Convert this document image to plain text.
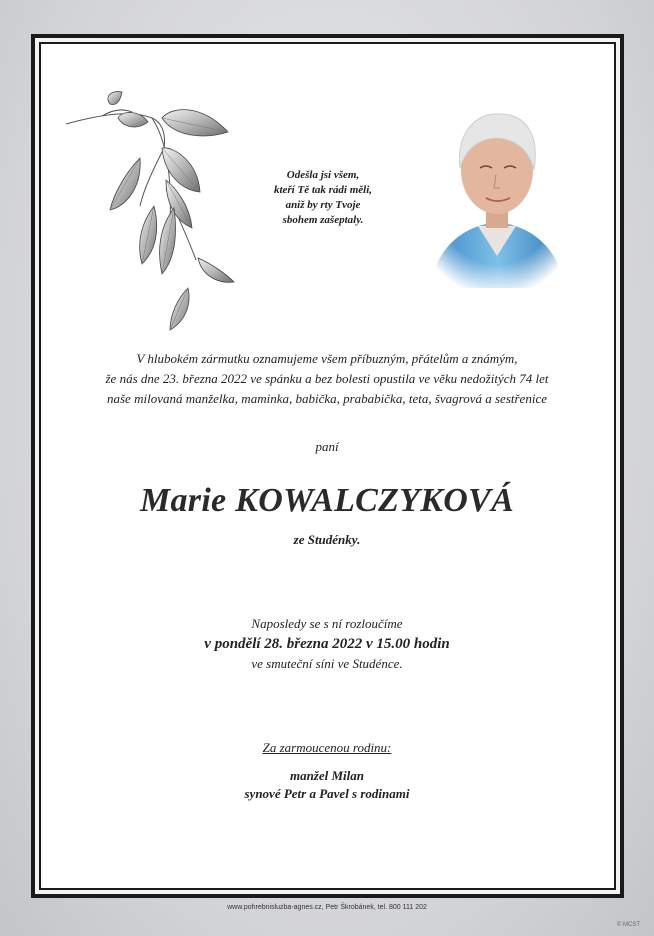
Odešla jsi všem,
kteří Tě tak rádi měli,
aniž by rty Tvoje
sbohem zašeptaly.
V hlubokém zármutku oznamujeme všem příbuzným, přátelům a známým,
že nás dne 23. března 2022 ve spánku a bez bolesti opustila ve věku nedožitých 74 let
naše milovaná manželka, maminka, babička, prababička, teta, švagrová a sestřenice
paní
Marie KOWALCZYKOVÁ
ze Studénky.
Naposledy se s ní rozloučíme
v pondělí 28. března 2022 v 15.00 hodin
ve smuteční síni ve Studénce.
Za zarmoucenou rodinu:
manžel Milan
synové Petr a Pavel s rodinami
www.pohrebnisluzba-agnes.cz, Petr Škrobánek, tel. 800 111 202
© MCST
